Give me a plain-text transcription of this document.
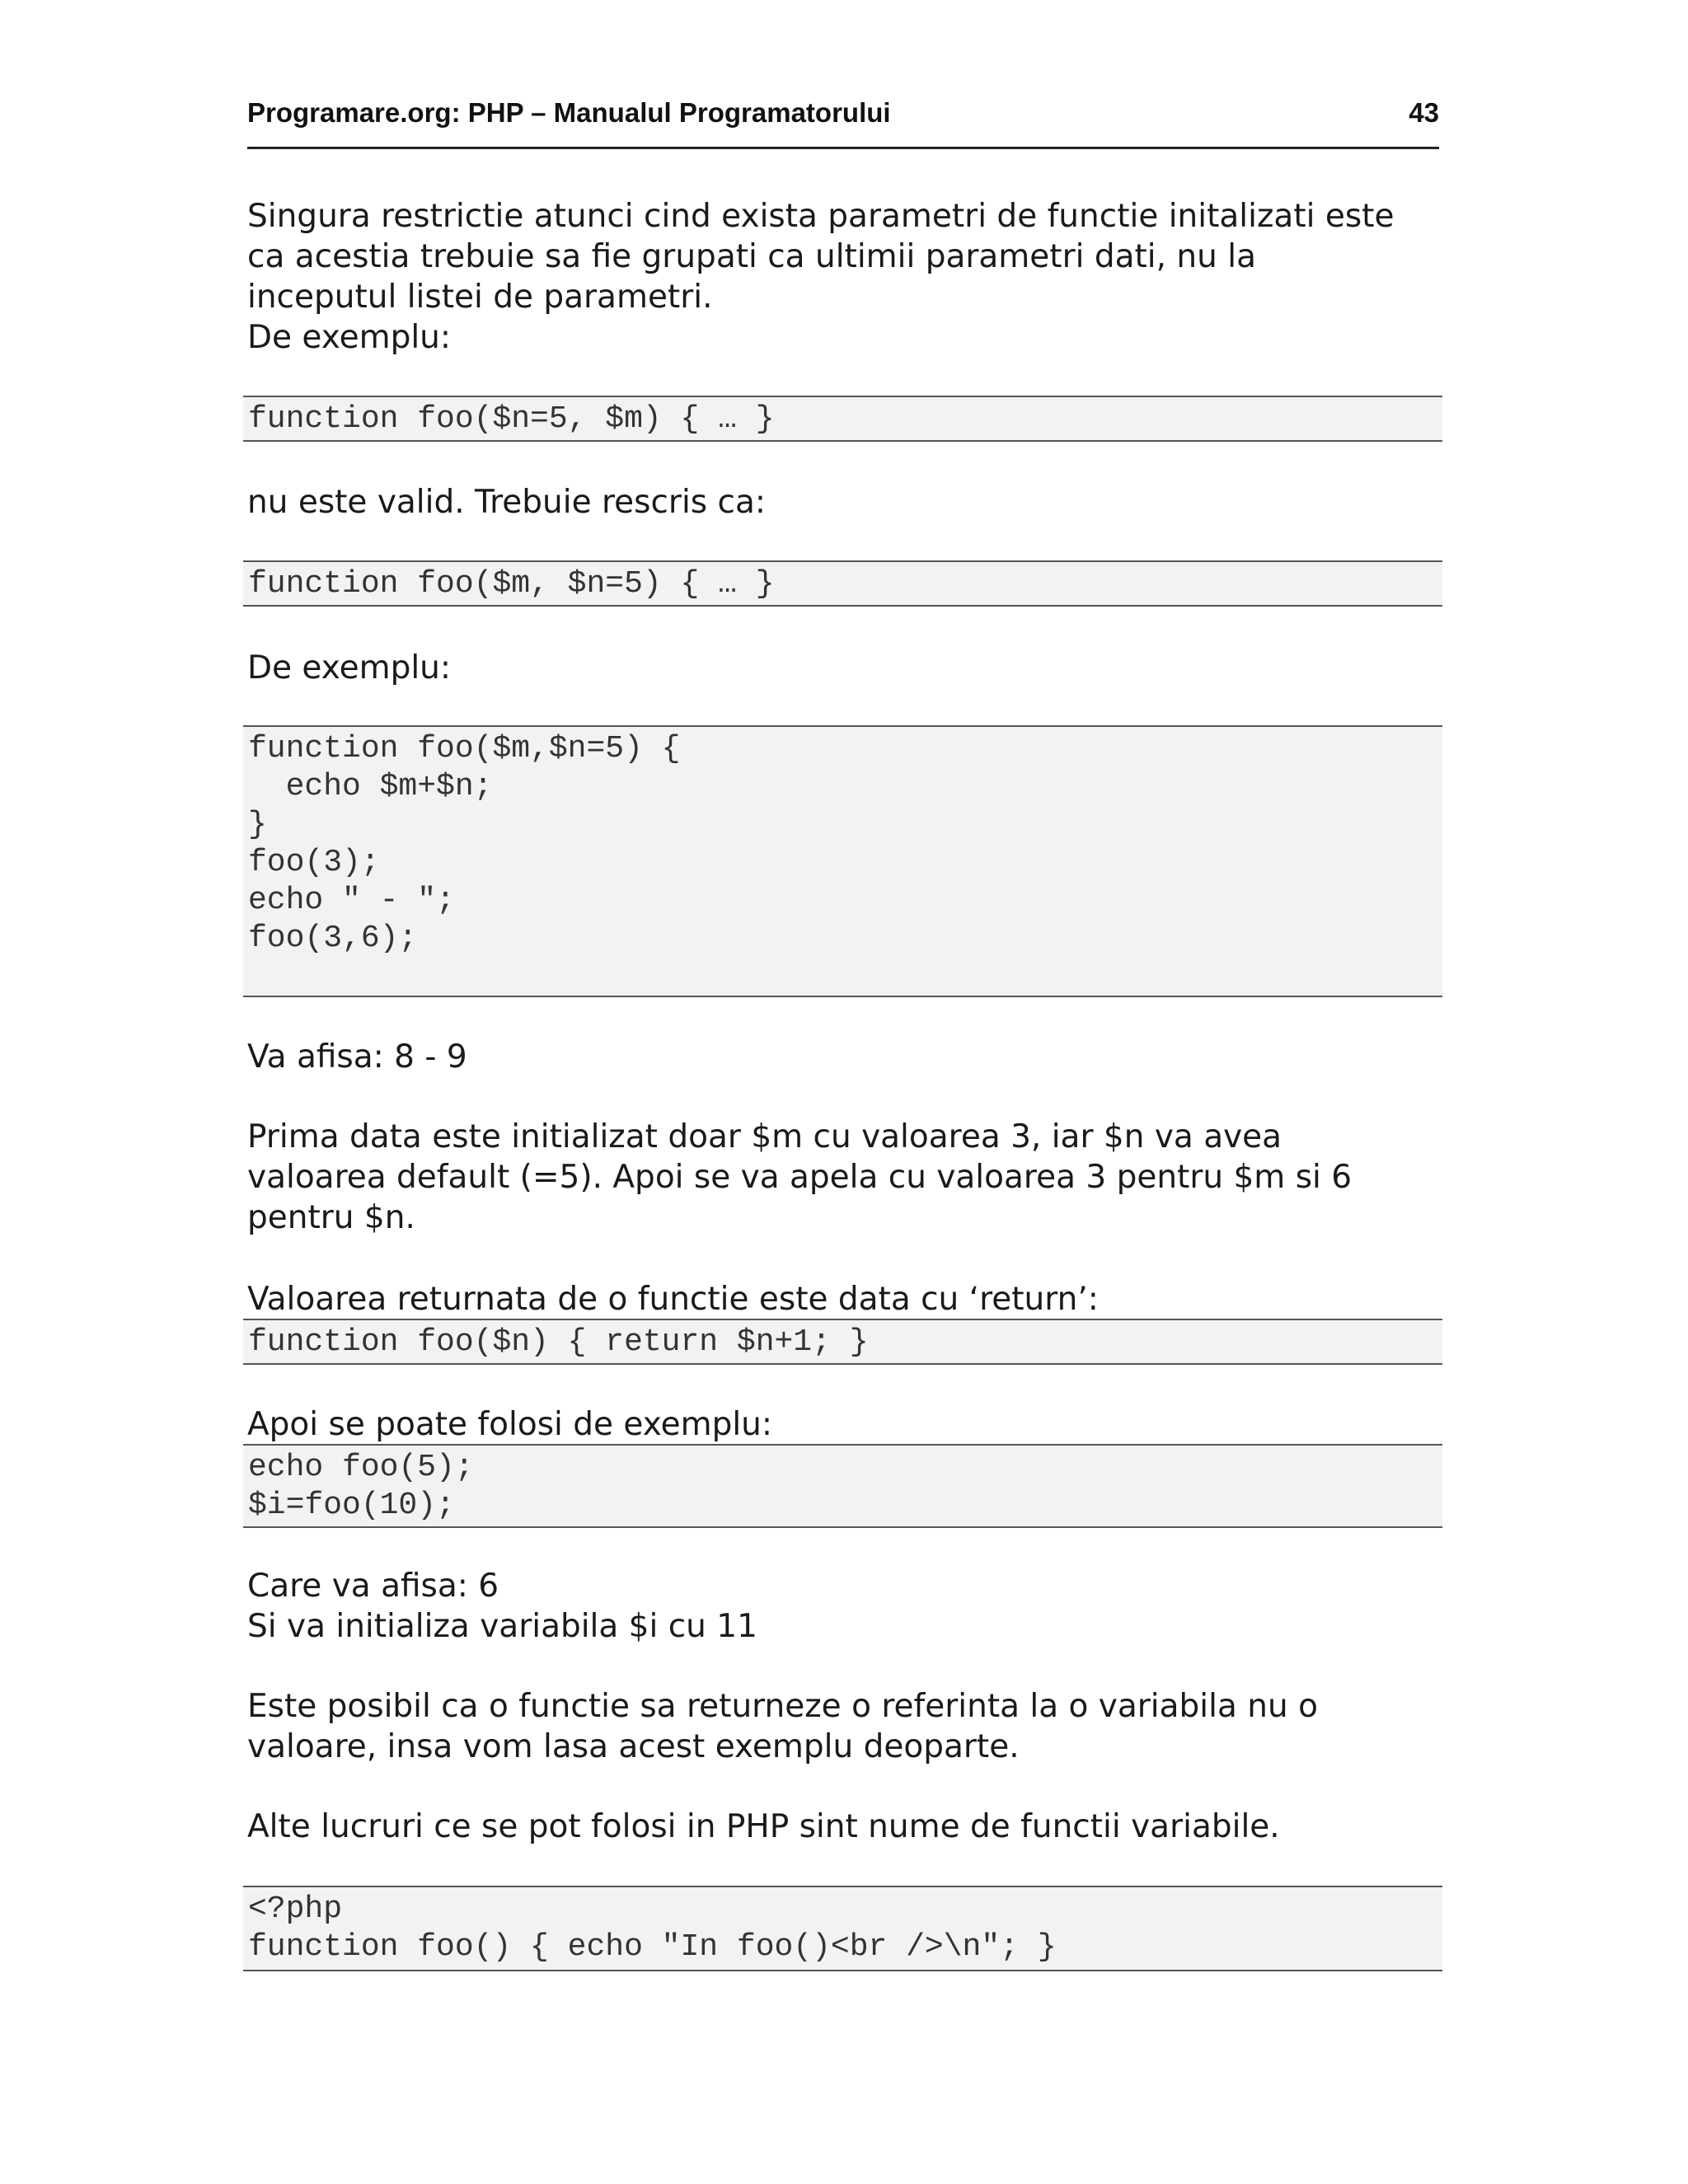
Programare.org: PHP – Manualul Programatorului	43
Singura restrictie atunci cind exista parametri de functie initalizati este
ca acestia trebuie sa fie grupati ca ultimii parametri dati, nu la
inceputul listei de parametri.
De exemplu:
function foo($n=5, $m) { … }
nu este valid. Trebuie rescris ca:
function foo($m, $n=5) { … }
De exemplu:
function foo($m,$n=5) {
echo $m+$n;
}
foo(3);
echo " - ";
foo(3,6);
Va afisa: 8 - 9
Prima data este initializat doar $m cu valoarea 3, iar $n va avea
valoarea default (=5). Apoi se va apela cu valoarea 3 pentru $m si 6
pentru $n.
Valoarea returnata de o functie este data cu ‘return’:
function foo($n) { return $n+1; }
Apoi se poate folosi de exemplu:
echo foo(5);
$i=foo(10);
Care va afisa: 6
Si va initializa variabila $i cu 11
Este posibil ca o functie sa returneze o referinta la o variabila nu o
valoare, insa vom lasa acest exemplu deoparte.
Alte lucruri ce se pot folosi in PHP sint nume de functii variabile.
<?php
function foo() { echo "In foo()<br />\n"; }
